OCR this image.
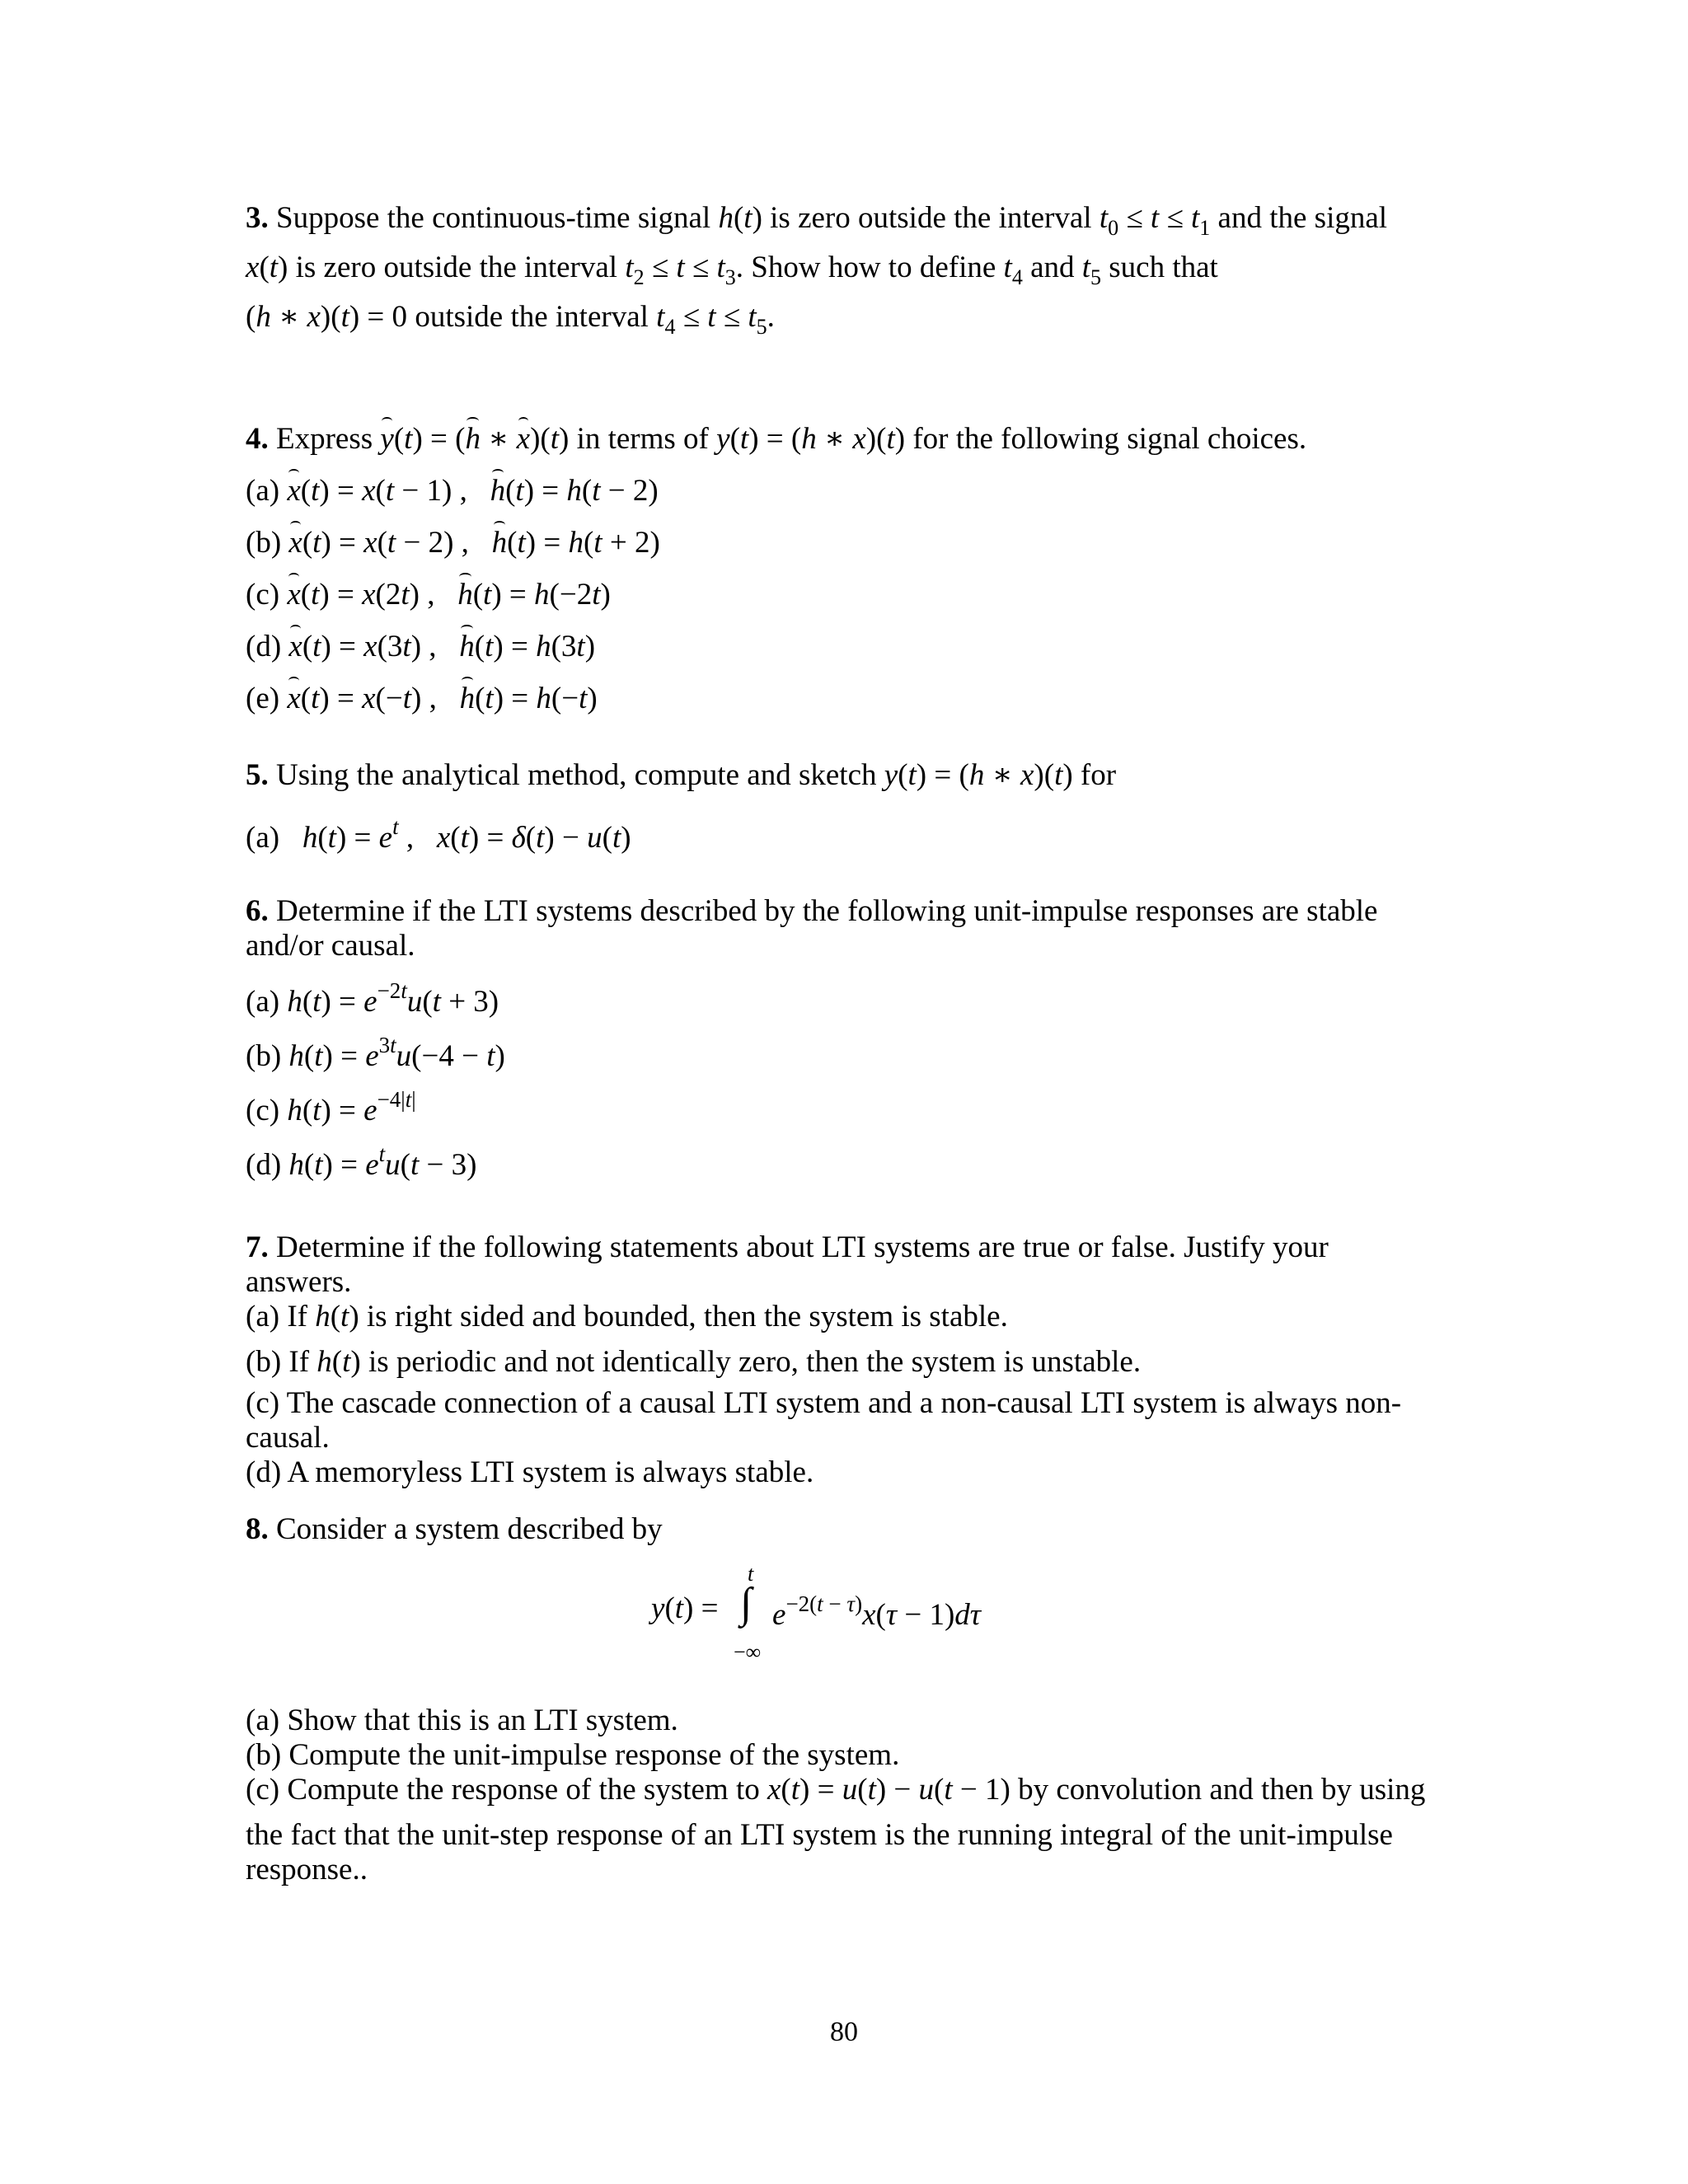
3. Suppose the continuous-time signal h(t) is zero outside the interval $t_0 \le t \le t_1$ and the signal
x(t) is zero outside the interval $t_2 \le t \le t_3$. Show how to define $t_4$ and $t_5$ such that
(h ∗ x)(t) = 0 outside the interval $t_4 \le t \le t_5$.
4. Express y(t) = (h ∗ x)(t) in terms of y(t) = (h ∗ x)(t) for the following signal choices.
(a) x(t) = x(t − 1) ,   h(t) = h(t − 2)
(b) x(t) = x(t − 2) ,   h(t) = h(t + 2)
(c) x(t) = x(2t) ,   h(t) = h(−2t)
(d) x(t) = x(3t) ,   h(t) = h(3t)
(e) x(t) = x(−t) ,   h(t) = h(−t)
5. Using the analytical method, compute and sketch y(t) = (h ∗ x)(t) for
(a) $h(t) = e^t$ ,   x(t) = δ(t) − u(t)
6. Determine if the LTI systems described by the following unit-impulse responses are stable
and/or causal.
(a) $h(t) = e^{-2t}u(t + 3)$
(b) $h(t) = e^{3t}u(-4 - t)$
(c) $h(t) = e^{-4|t|}$
(d) $h(t) = e^tu(t - 3)$
7. Determine if the following statements about LTI systems are true or false. Justify your
answers.
(a) If h(t) is right sided and bounded, then the system is stable.
(b) If h(t) is periodic and not identically zero, then the system is unstable.
(c) The cascade connection of a causal LTI system and a non-causal LTI system is always non-
causal.
(d) A memoryless LTI system is always stable.
8. Consider a system described by
y(t) =
t
∫
−∞
$e^{-2(t - \tau)}x(\tau - 1)d\tau$
(a) Show that this is an LTI system.
(b) Compute the unit-impulse response of the system.
(c) Compute the response of the system to x(t) = u(t) − u(t − 1) by convolution and then by using
the fact that the unit-step response of an LTI system is the running integral of the unit-impulse
response..
80
